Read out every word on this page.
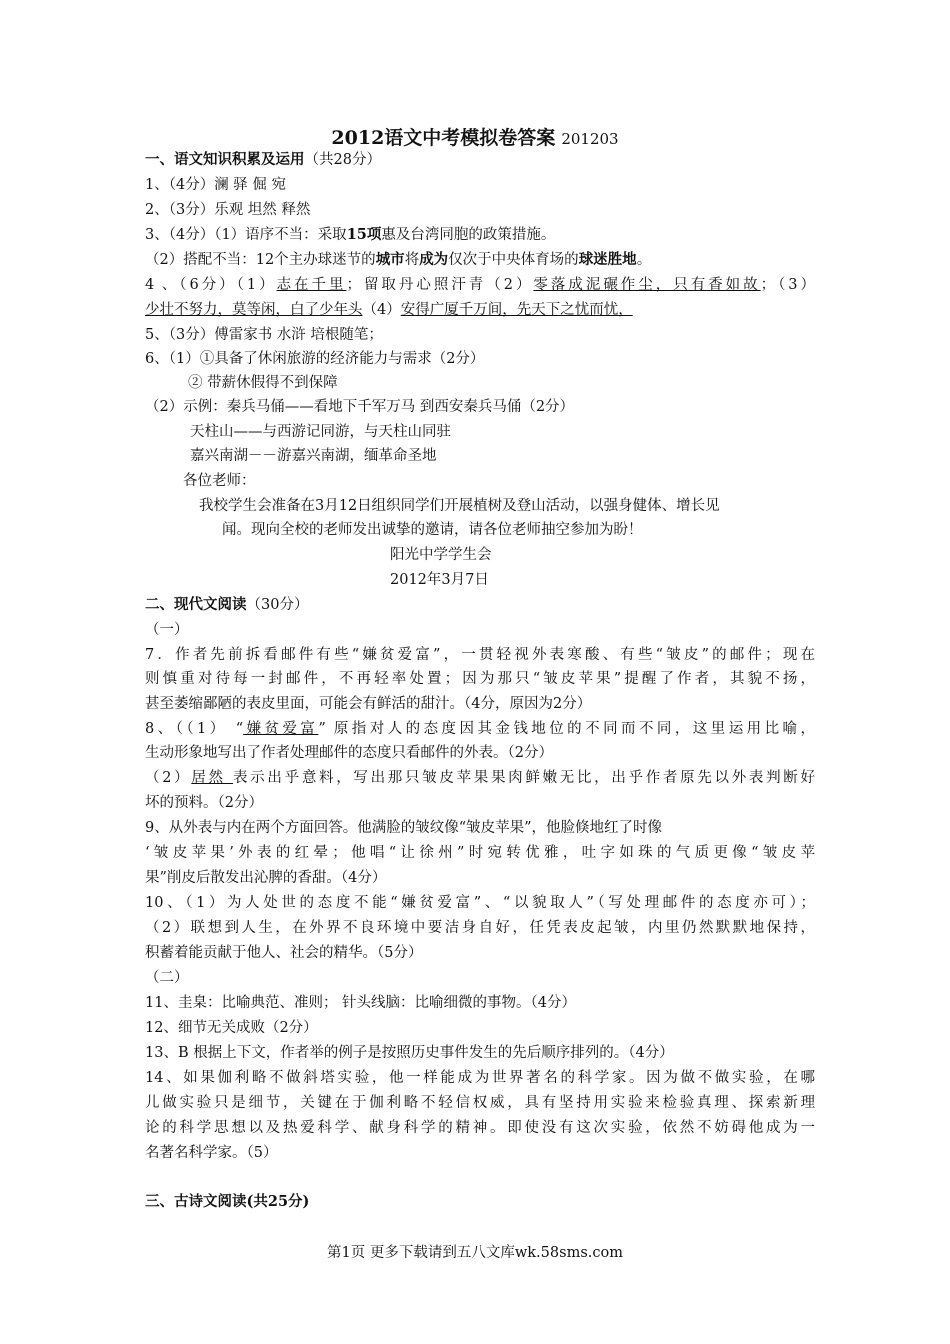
2012语文中考模拟卷答案 201203
一、语文知识积累及运用（共28分）
1、（4分）澜 驿 倔 宛
2、（3分）乐观 坦然 释然
3、（4分）（1）语序不当：采取15项惠及台湾同胞的政策措施。
（2）搭配不当：12个主办球迷节的城市将成为仅次于中央体育场的球迷胜地。
4 、（6分）（1）志在千里；留取丹心照汗青（2）零落成泥碾作尘，只有香如故；（3）
少壮不努力，莫等闲，白了少年头（4）安得广厦千万间，先天下之忧而忧，
5、（3分）傅雷家书 水浒 培根随笔；
6、（1）①具备了休闲旅游的经济能力与需求（2分）
② 带薪休假得不到保障
（2）示例：秦兵马俑——看地下千军万马 到西安秦兵马俑（2分）
天柱山——与西游记同游，与天柱山同驻
嘉兴南湖－－游嘉兴南湖，缅革命圣地
各位老师：
我校学生会准备在3月12日组织同学们开展植树及登山活动，以强身健体、增长见
闻。现向全校的老师发出诚挚的邀请，请各位老师抽空参加为盼！
阳光中学学生会
2012年3月7日
二、现代文阅读（30分）
（一）
7．作者先前拆看邮件有些“嫌贫爱富”，一贯轻视外表寒酸、有些“皱皮”的邮件；现在
则慎重对待每一封邮件，不再轻率处置；因为那只“皱皮苹果”提醒了作者，其貌不扬，
甚至萎缩鄙陋的表皮里面，可能会有鲜活的甜汁。（4分，原因为2分）
8、（（1） “嫌贫爱富” 原指对人的态度因其金钱地位的不同而不同，这里运用比喻，
生动形象地写出了作者处理邮件的态度只看邮件的外表。（2分）
（2）居然 表示出乎意料，写出那只皱皮苹果果肉鲜嫩无比，出乎作者原先以外表判断好
坏的预料。（2分）
9、从外表与内在两个方面回答。他满脸的皱纹像“皱皮苹果”，他脸倏地红了时像
‘皱皮苹果’外表的红晕；他唱“让徐州”时宛转优雅，吐字如珠的气质更像“皱皮苹
果”削皮后散发出沁脾的香甜。（4分）
10、（1）为人处世的态度不能“嫌贫爱富”、“以貌取人”（写处理邮件的态度亦可）；
（2）联想到人生，在外界不良环境中要洁身自好，任凭表皮起皱，内里仍然默默地保持，
积蓄着能贡献于他人、社会的精华。（5分）
（二）
11、圭臬：比喻典范、准则； 针头线脑：比喻细微的事物。（4分）
12、细节无关成败（2分）
13、B 根据上下文，作者举的例子是按照历史事件发生的先后顺序排列的。（4分）
14、如果伽利略不做斜塔实验，他一样能成为世界著名的科学家。因为做不做实验，在哪
儿做实验只是细节，关键在于伽利略不轻信权威，具有坚持用实验来检验真理、探索新理
论的科学思想以及热爱科学、献身科学的精神。即使没有这次实验，依然不妨碍他成为一
名著名科学家。（5）
三、古诗文阅读(共25分)
第1页 更多下载请到五八文库wk.58sms.com
